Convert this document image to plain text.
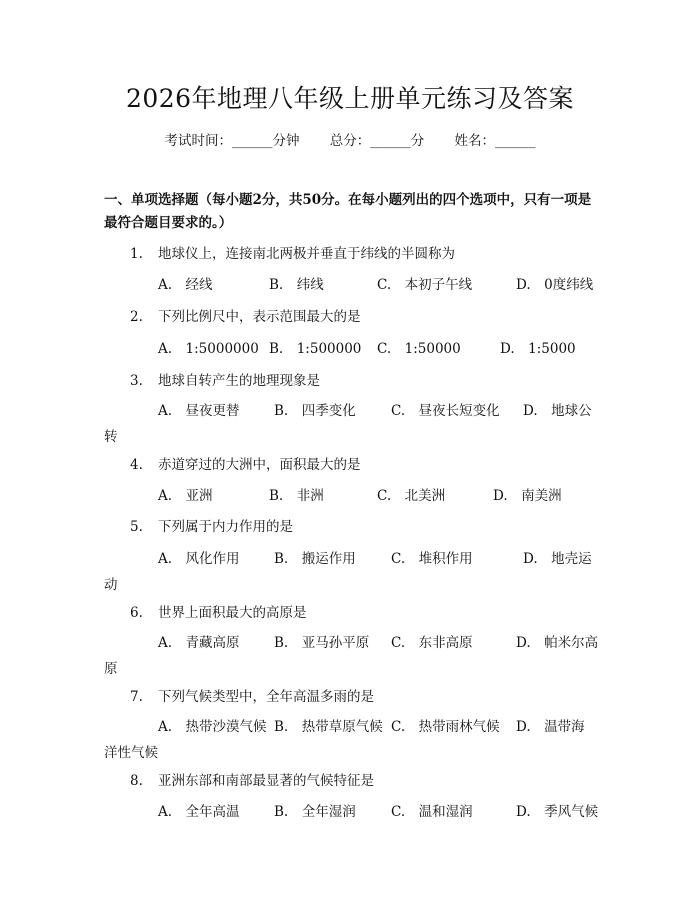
2026年地理八年级上册单元练习及答案
考试时间：______分钟 总分：______分 姓名：______
一、单项选择题（每小题2分，共50分。在每小题列出的四个选项中，只有一项是最符合题目要求的。）
1. 地球仪上，连接南北两极并垂直于纬线的半圆称为
A.　经线	B.　纬线	C.　本初子午线	D.　0度纬线
2. 下列比例尺中，表示范围最大的是
A.　1:5000000 B.　1:500000 C.　1:50000	D.　1:5000
3. 地球自转产生的地理现象是
A.　昼夜更替	B.　四季变化	C.　昼夜长短变化 D.　地球公
转
4. 赤道穿过的大洲中，面积最大的是
A.　亚洲	B.　非洲	C.　北美洲	D.　南美洲
5. 下列属于内力作用的是
A.　风化作用	B.　搬运作用	C.　堆积作用	D.　地壳运
动
6. 世界上面积最大的高原是
A.　青藏高原	B.　亚马孙平原 C.　东非高原	D.　帕米尔高
原
7. 下列气候类型中，全年高温多雨的是
A.　热带沙漠气候 B.　热带草原气候 C.　热带雨林气候 D.　温带海
洋性气候
8. 亚洲东部和南部最显著的气候特征是
A.　全年高温	B.　全年湿润	C.　温和湿润	D.　季风气候
